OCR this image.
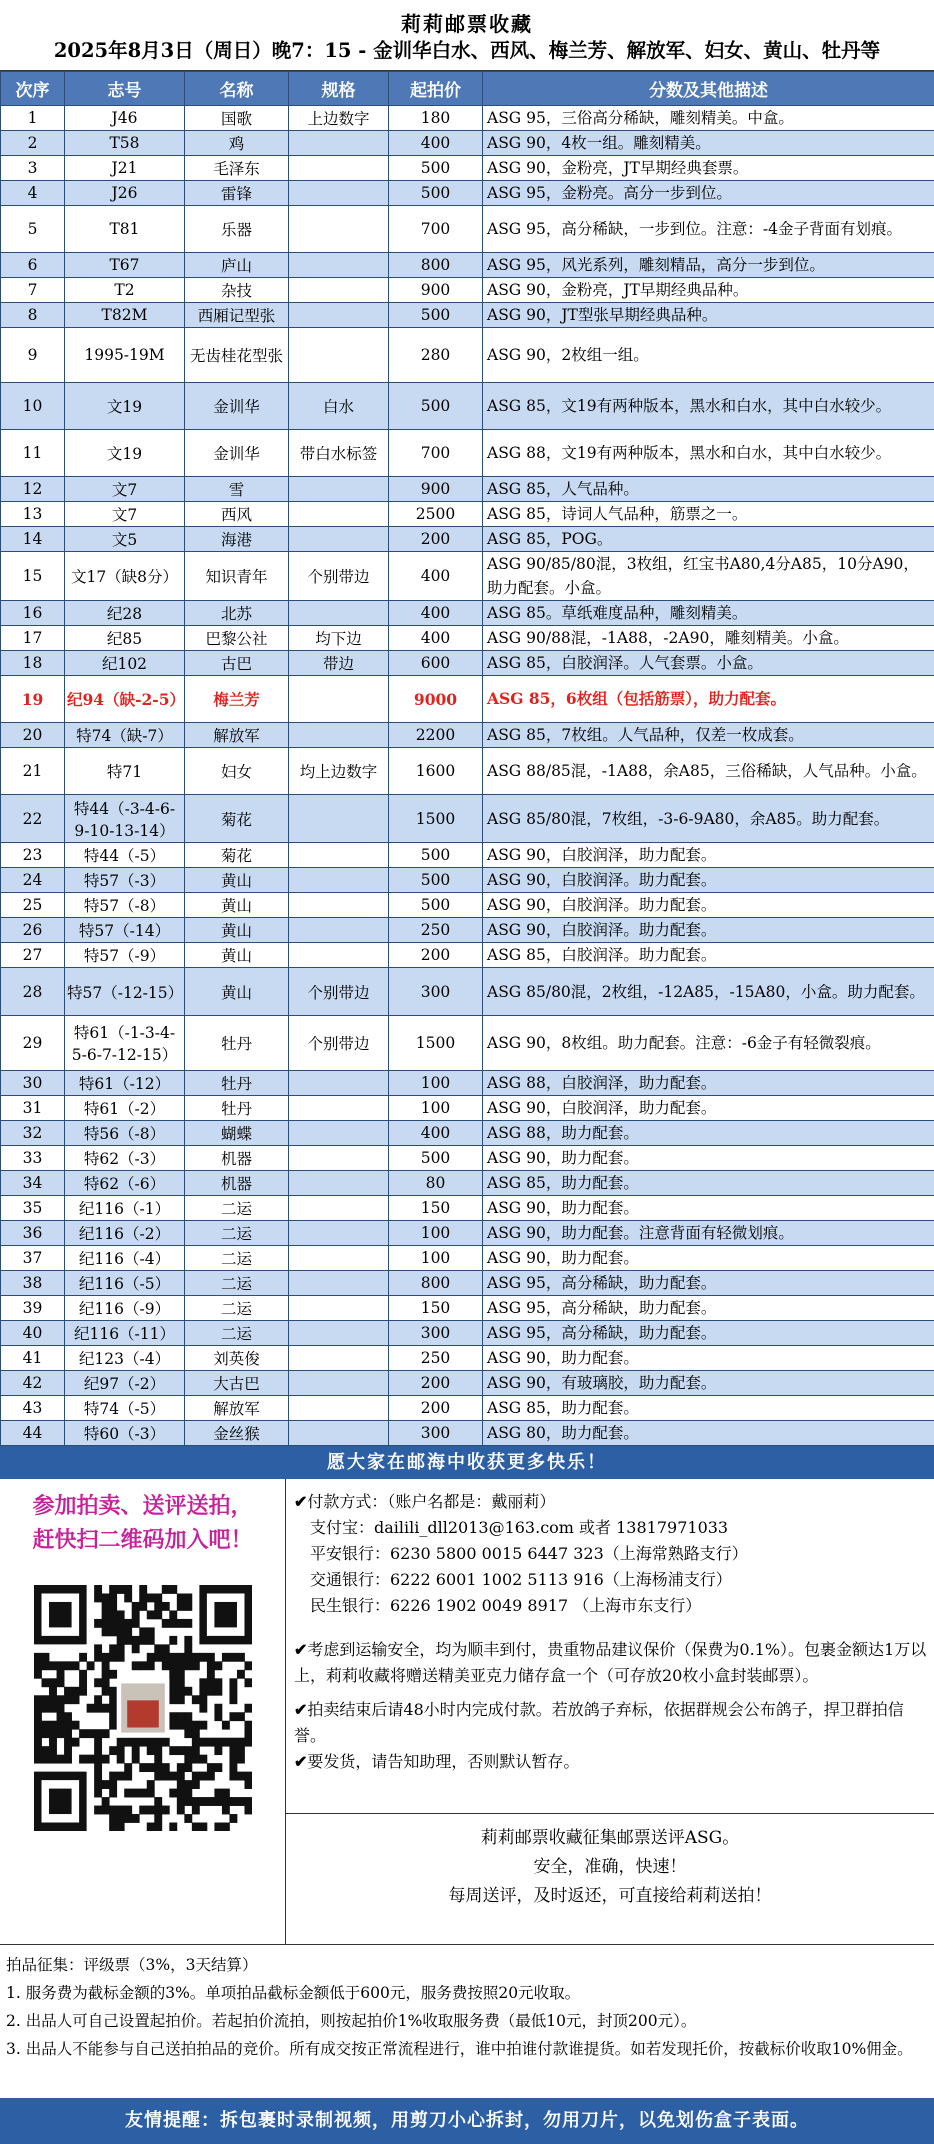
莉莉邮票收藏
2025年8月3日（周日）晚7：15 - 金训华白水、西风、梅兰芳、解放军、妇女、黄山、牡丹等
次序	志号	名称	规格	起拍价	分数及其他描述
1	J46	国歌	上边数字	180	ASG 95，三俗高分稀缺，雕刻精美。中盒。
2	T58	鸡		400	ASG 90，4枚一组。雕刻精美。
3	J21	毛泽东		500	ASG 90，金粉亮，JT早期经典套票。
4	J26	雷锋		500	ASG 95，金粉亮。高分一步到位。
5	T81	乐器		700	ASG 95，高分稀缺，一步到位。注意：-4金子背面有划痕。
6	T67	庐山		800	ASG 95，风光系列，雕刻精品，高分一步到位。
7	T2	杂技		900	ASG 90，金粉亮，JT早期经典品种。
8	T82M	西厢记型张		500	ASG 90，JT型张早期经典品种。
9	1995-19M	无齿桂花型张		280	ASG 90，2枚组一组。
10	文19	金训华	白水	500	ASG 85，文19有两种版本，黑水和白水，其中白水较少。
11	文19	金训华	带白水标签	700	ASG 88，文19有两种版本，黑水和白水，其中白水较少。
12	文7	雪		900	ASG 85，人气品种。
13	文7	西风		2500	ASG 85，诗词人气品种，筋票之一。
14	文5	海港		200	ASG 85，POG。
15	文17（缺8分）	知识青年	个别带边	400	ASG 90/85/80混，3枚组，红宝书A80,4分A85，10分A90，助力配套。小盒。
16	纪28	北苏		400	ASG 85。草纸难度品种，雕刻精美。
17	纪85	巴黎公社	均下边	400	ASG 90/88混，-1A88，-2A90，雕刻精美。小盒。
18	纪102	古巴	带边	600	ASG 85，白胶润泽。人气套票。小盒。
19	纪94（缺-2-5）	梅兰芳		9000	ASG 85，6枚组（包括筋票），助力配套。
20	特74（缺-7）	解放军		2200	ASG 85，7枚组。人气品种，仅差一枚成套。
21	特71	妇女	均上边数字	1600	ASG 88/85混，-1A88，余A85，三俗稀缺，人气品种。小盒。
22	特44（-3-4-6-9-10-13-14）	菊花		1500	ASG 85/80混，7枚组，-3-6-9A80，余A85。助力配套。
23	特44（-5）	菊花		500	ASG 90，白胶润泽，助力配套。
24	特57（-3）	黄山		500	ASG 90，白胶润泽。助力配套。
25	特57（-8）	黄山		500	ASG 90，白胶润泽。助力配套。
26	特57（-14）	黄山		250	ASG 90，白胶润泽。助力配套。
27	特57（-9）	黄山		200	ASG 85，白胶润泽。助力配套。
28	特57（-12-15）	黄山	个别带边	300	ASG 85/80混，2枚组，-12A85，-15A80，小盒。助力配套。
29	特61（-1-3-4-5-6-7-12-15）	牡丹	个别带边	1500	ASG 90，8枚组。助力配套。注意：-6金子有轻微裂痕。
30	特61（-12）	牡丹		100	ASG 88，白胶润泽，助力配套。
31	特61（-2）	牡丹		100	ASG 90，白胶润泽，助力配套。
32	特56（-8）	蝴蝶		400	ASG 88，助力配套。
33	特62（-3）	机器		500	ASG 90，助力配套。
34	特62（-6）	机器		80	ASG 85，助力配套。
35	纪116（-1）	二运		150	ASG 90，助力配套。
36	纪116（-2）	二运		100	ASG 90，助力配套。注意背面有轻微划痕。
37	纪116（-4）	二运		100	ASG 90，助力配套。
38	纪116（-5）	二运		800	ASG 95，高分稀缺，助力配套。
39	纪116（-9）	二运		150	ASG 95，高分稀缺，助力配套。
40	纪116（-11）	二运		300	ASG 95，高分稀缺，助力配套。
41	纪123（-4）	刘英俊		250	ASG 90，助力配套。
42	纪97（-2）	大古巴		200	ASG 90，有玻璃胶，助力配套。
43	特74（-5）	解放军		200	ASG 85，助力配套。
44	特60（-3）	金丝猴		300	ASG 80，助力配套。
愿大家在邮海中收获更多快乐！
参加拍卖、送评送拍，
赶快扫二维码加入吧！
✔付款方式：（账户名都是：戴丽莉）
支付宝：dailili_dll2013@163.com 或者 13817971033
平安银行：6230 5800 0015 6447 323（上海常熟路支行）
交通银行：6222 6001 1002 5113 916（上海杨浦支行）
民生银行：6226 1902 0049 8917 （上海市东支行）
✔考虑到运输安全，均为顺丰到付，贵重物品建议保价（保费为0.1%）。包裹金额达1万以上，莉莉收藏将赠送精美亚克力储存盒一个（可存放20枚小盒封装邮票）。
✔拍卖结束后请48小时内完成付款。若放鸽子弃标，依据群规会公布鸽子，捍卫群拍信誉。
✔要发货，请告知助理，否则默认暂存。
莉莉邮票收藏征集邮票送评ASG。
安全，准确，快速！
每周送评，及时返还，可直接给莉莉送拍！
拍品征集：评级票（3%，3天结算）
1. 服务费为截标金额的3%。单项拍品截标金额低于600元，服务费按照20元收取。
2. 出品人可自己设置起拍价。若起拍价流拍，则按起拍价1%收取服务费（最低10元，封顶200元）。
3. 出品人不能参与自己送拍拍品的竞价。所有成交按正常流程进行，谁中拍谁付款谁提货。如若发现托价，按截标价收取10%佣金。
友情提醒：拆包裹时录制视频，用剪刀小心拆封，勿用刀片，以免划伤盒子表面。
